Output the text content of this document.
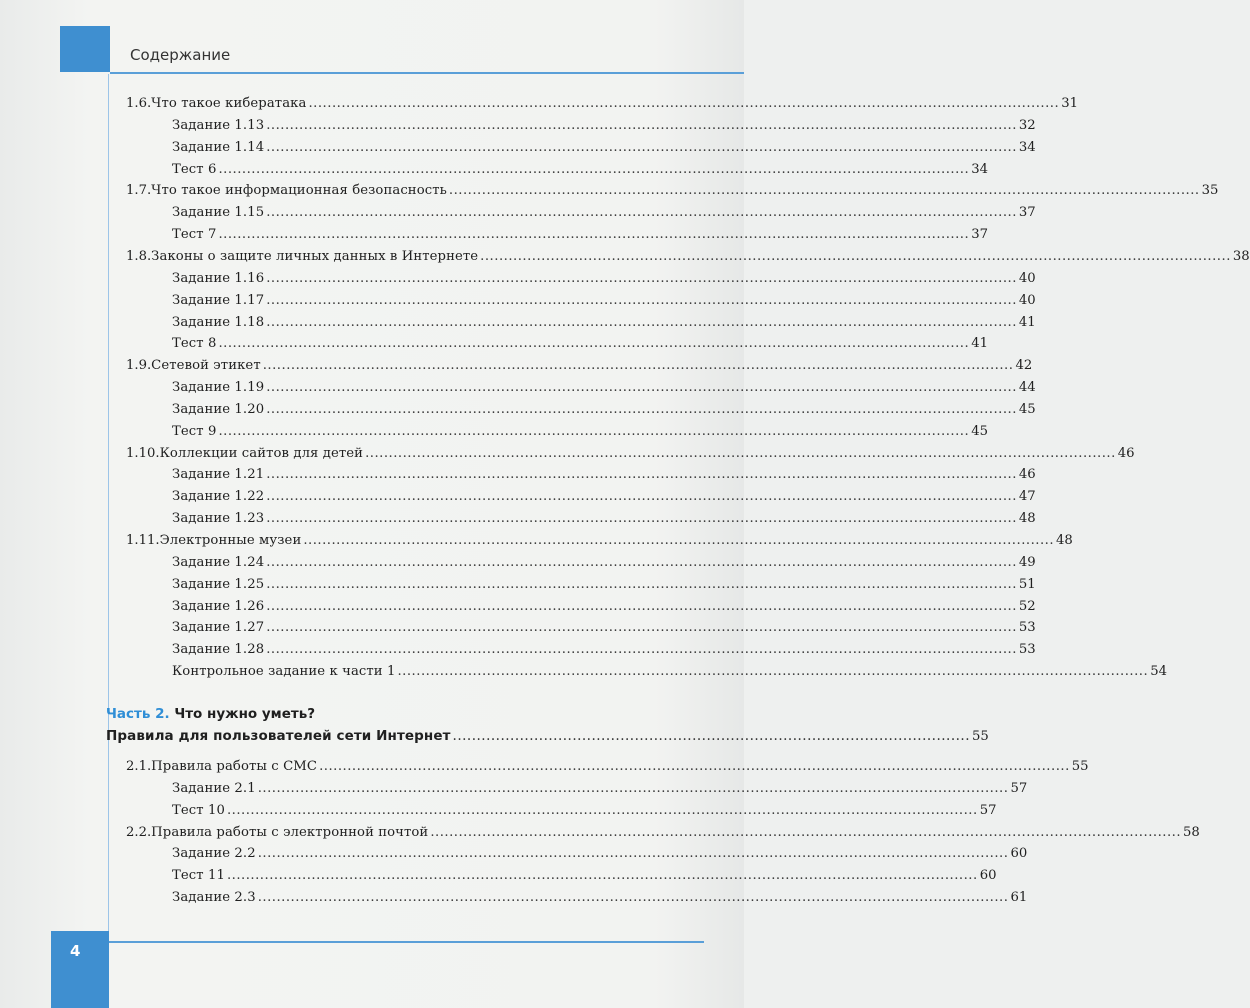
Содержание
1.6. Что такое кибератака ................................................................................................................................................................ 31
Задание 1.13 ................................................................................................................................................................ 32
Задание 1.14 ................................................................................................................................................................ 34
Тест 6 ................................................................................................................................................................ 34
1.7. Что такое информационная безопасность ................................................................................................................................................................ 35
Задание 1.15 ................................................................................................................................................................ 37
Тест 7 ................................................................................................................................................................ 37
1.8. Законы о защите личных данных в Интернете ................................................................................................................................................................ 38
Задание 1.16 ................................................................................................................................................................ 40
Задание 1.17 ................................................................................................................................................................ 40
Задание 1.18 ................................................................................................................................................................ 41
Тест 8 ................................................................................................................................................................ 41
1.9. Сетевой этикет ................................................................................................................................................................ 42
Задание 1.19 ................................................................................................................................................................ 44
Задание 1.20 ................................................................................................................................................................ 45
Тест 9 ................................................................................................................................................................ 45
1.10. Коллекции сайтов для детей ................................................................................................................................................................ 46
Задание 1.21 ................................................................................................................................................................ 46
Задание 1.22 ................................................................................................................................................................ 47
Задание 1.23 ................................................................................................................................................................ 48
1.11. Электронные музеи ................................................................................................................................................................ 48
Задание 1.24 ................................................................................................................................................................ 49
Задание 1.25 ................................................................................................................................................................ 51
Задание 1.26 ................................................................................................................................................................ 52
Задание 1.27 ................................................................................................................................................................ 53
Задание 1.28 ................................................................................................................................................................ 53
Контрольное задание к части 1 ................................................................................................................................................................ 54
Часть 2. Что нужно уметь?
Правила для пользователей сети Интернет ............................................................................................................ 55
2.1. Правила работы с СМС ................................................................................................................................................................ 55
Задание 2.1 ................................................................................................................................................................ 57
Тест 10 ................................................................................................................................................................ 57
2.2. Правила работы с электронной почтой ................................................................................................................................................................ 58
Задание 2.2 ................................................................................................................................................................ 60
Тест 11 ................................................................................................................................................................ 60
Задание 2.3 ................................................................................................................................................................ 61
4
